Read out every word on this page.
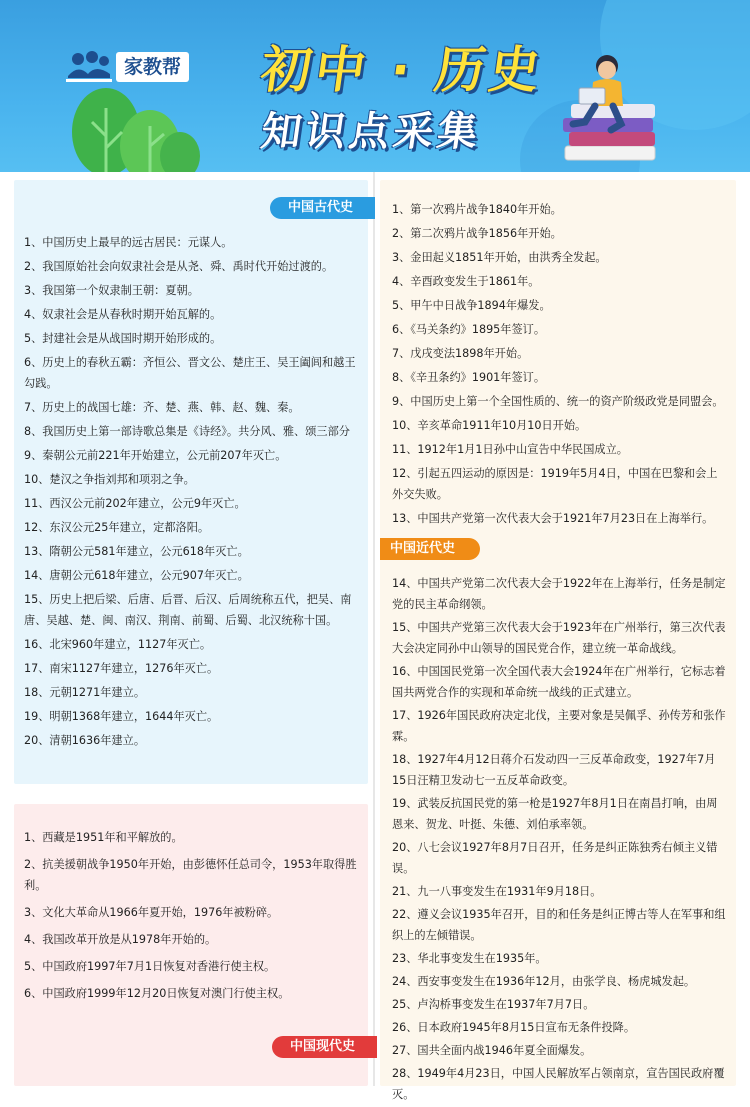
家教帮 初中 · 历史
知识点采集
中国古代史
中国近代史
中国现代史
1、中国历史上最早的远古居民：元谋人。
2、我国原始社会向奴隶社会是从尧、舜、禹时代开始过渡的。
3、我国第一个奴隶制王朝：夏朝。
4、奴隶社会是从春秋时期开始瓦解的。
5、封建社会是从战国时期开始形成的。
6、历史上的春秋五霸：齐恒公、晋文公、楚庄王、吴王阖闾和越王勾践。
7、历史上的战国七雄：齐、楚、燕、韩、赵、魏、秦。
8、我国历史上第一部诗歌总集是《诗经》。共分风、雅、颂三部分
9、秦朝公元前221年开始建立，公元前207年灭亡。
10、楚汉之争指刘邦和项羽之争。
11、西汉公元前202年建立，公元9年灭亡。
12、东汉公元25年建立，定都洛阳。
13、隋朝公元581年建立，公元618年灭亡。
14、唐朝公元618年建立，公元907年灭亡。
15、历史上把后梁、后唐、后晋、后汉、后周统称五代，把吴、南唐、吴越、楚、闽、南汉、荆南、前蜀、后蜀、北汉统称十国。
16、北宋960年建立，1127年灭亡。
17、南宋1127年建立，1276年灭亡。
18、元朝1271年建立。
19、明朝1368年建立，1644年灭亡。
20、清朝1636年建立。
1、西藏是1951年和平解放的。
2、抗美援朝战争1950年开始，由彭德怀任总司令，1953年取得胜利。
3、文化大革命从1966年夏开始，1976年被粉碎。
4、我国改革开放是从1978年开始的。
5、中国政府1997年7月1日恢复对香港行使主权。
6、中国政府1999年12月20日恢复对澳门行使主权。
1、第一次鸦片战争1840年开始。
2、第二次鸦片战争1856年开始。
3、金田起义1851年开始，由洪秀全发起。
4、辛酉政变发生于1861年。
5、甲午中日战争1894年爆发。
6、《马关条约》1895年签订。
7、戊戌变法1898年开始。
8、《辛丑条约》1901年签订。
9、中国历史上第一个全国性质的、统一的资产阶级政党是同盟会。
10、辛亥革命1911年10月10日开始。
11、1912年1月1日孙中山宣告中华民国成立。
12、引起五四运动的原因是：1919年5月4日，中国在巴黎和会上外交失败。
13、中国共产党第一次代表大会于1921年7月23日在上海举行。
14、中国共产党第二次代表大会于1922年在上海举行，任务是制定党的民主革命纲领。
15、中国共产党第三次代表大会于1923年在广州举行，第三次代表大会决定同孙中山领导的国民党合作，建立统一革命战线。
16、中国国民党第一次全国代表大会1924年在广州举行，它标志着国共两党合作的实现和革命统一战线的正式建立。
17、1926年国民政府决定北伐，主要对象是吴佩孚、孙传芳和张作霖。
18、1927年4月12日蒋介石发动四一三反革命政变，1927年7月15日汪精卫发动七一五反革命政变。
19、武装反抗国民党的第一枪是1927年8月1日在南昌打响，由周恩来、贺龙、叶挺、朱德、刘伯承率领。
20、八七会议1927年8月7日召开，任务是纠正陈独秀右倾主义错误。
21、九一八事变发生在1931年9月18日。
22、遵义会议1935年召开，目的和任务是纠正博古等人在军事和组织上的左倾错误。
23、华北事变发生在1935年。
24、西安事变发生在1936年12月，由张学良、杨虎城发起。
25、卢沟桥事变发生在1937年7月7日。
26、日本政府1945年8月15日宣布无条件投降。
27、国共全面内战1946年夏全面爆发。
28、1949年4月23日，中国人民解放军占领南京，宣告国民政府覆灭。
